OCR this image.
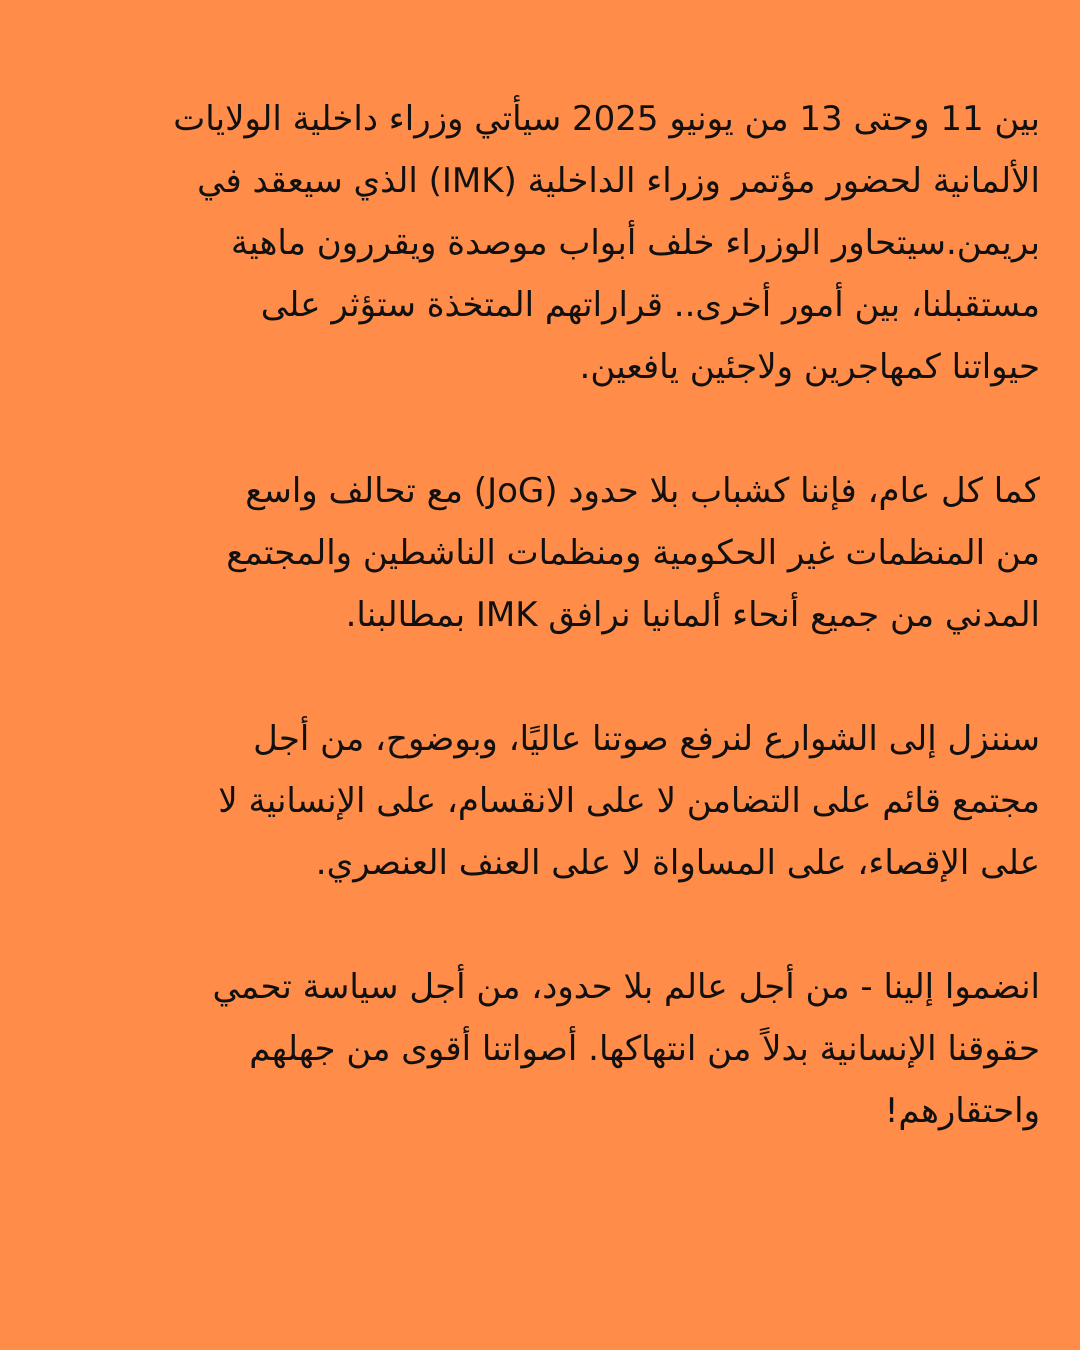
بين 11 وحتى 13 من يونيو 2025 سيأتي وزراء داخلية الولايات
الألمانية لحضور مؤتمر وزراء الداخلية (IMK) الذي سيعقد في
بريمن.سيتحاور الوزراء خلف أبواب موصدة ويقررون ماهية
مستقبلنا، بين أمور أخرى.. قراراتهم المتخذة ستؤثر على
حيواتنا كمهاجرين ولاجئين يافعين.
كما كل عام، فإننا كشباب بلا حدود (JoG) مع تحالف واسع
من المنظمات غير الحكومية ومنظمات الناشطين والمجتمع
المدني من جميع أنحاء ألمانيا نرافق IMK بمطالبنا.
سننزل إلى الشوارع لنرفع صوتنا عاليًا، وبوضوح، من أجل
مجتمع قائم على التضامن لا على الانقسام، على الإنسانية لا
على الإقصاء، على المساواة لا على العنف العنصري.
انضموا إلينا - من أجل عالم بلا حدود، من أجل سياسة تحمي
حقوقنا الإنسانية بدلاً من انتهاكها. أصواتنا أقوى من جهلهم
واحتقارهم!
